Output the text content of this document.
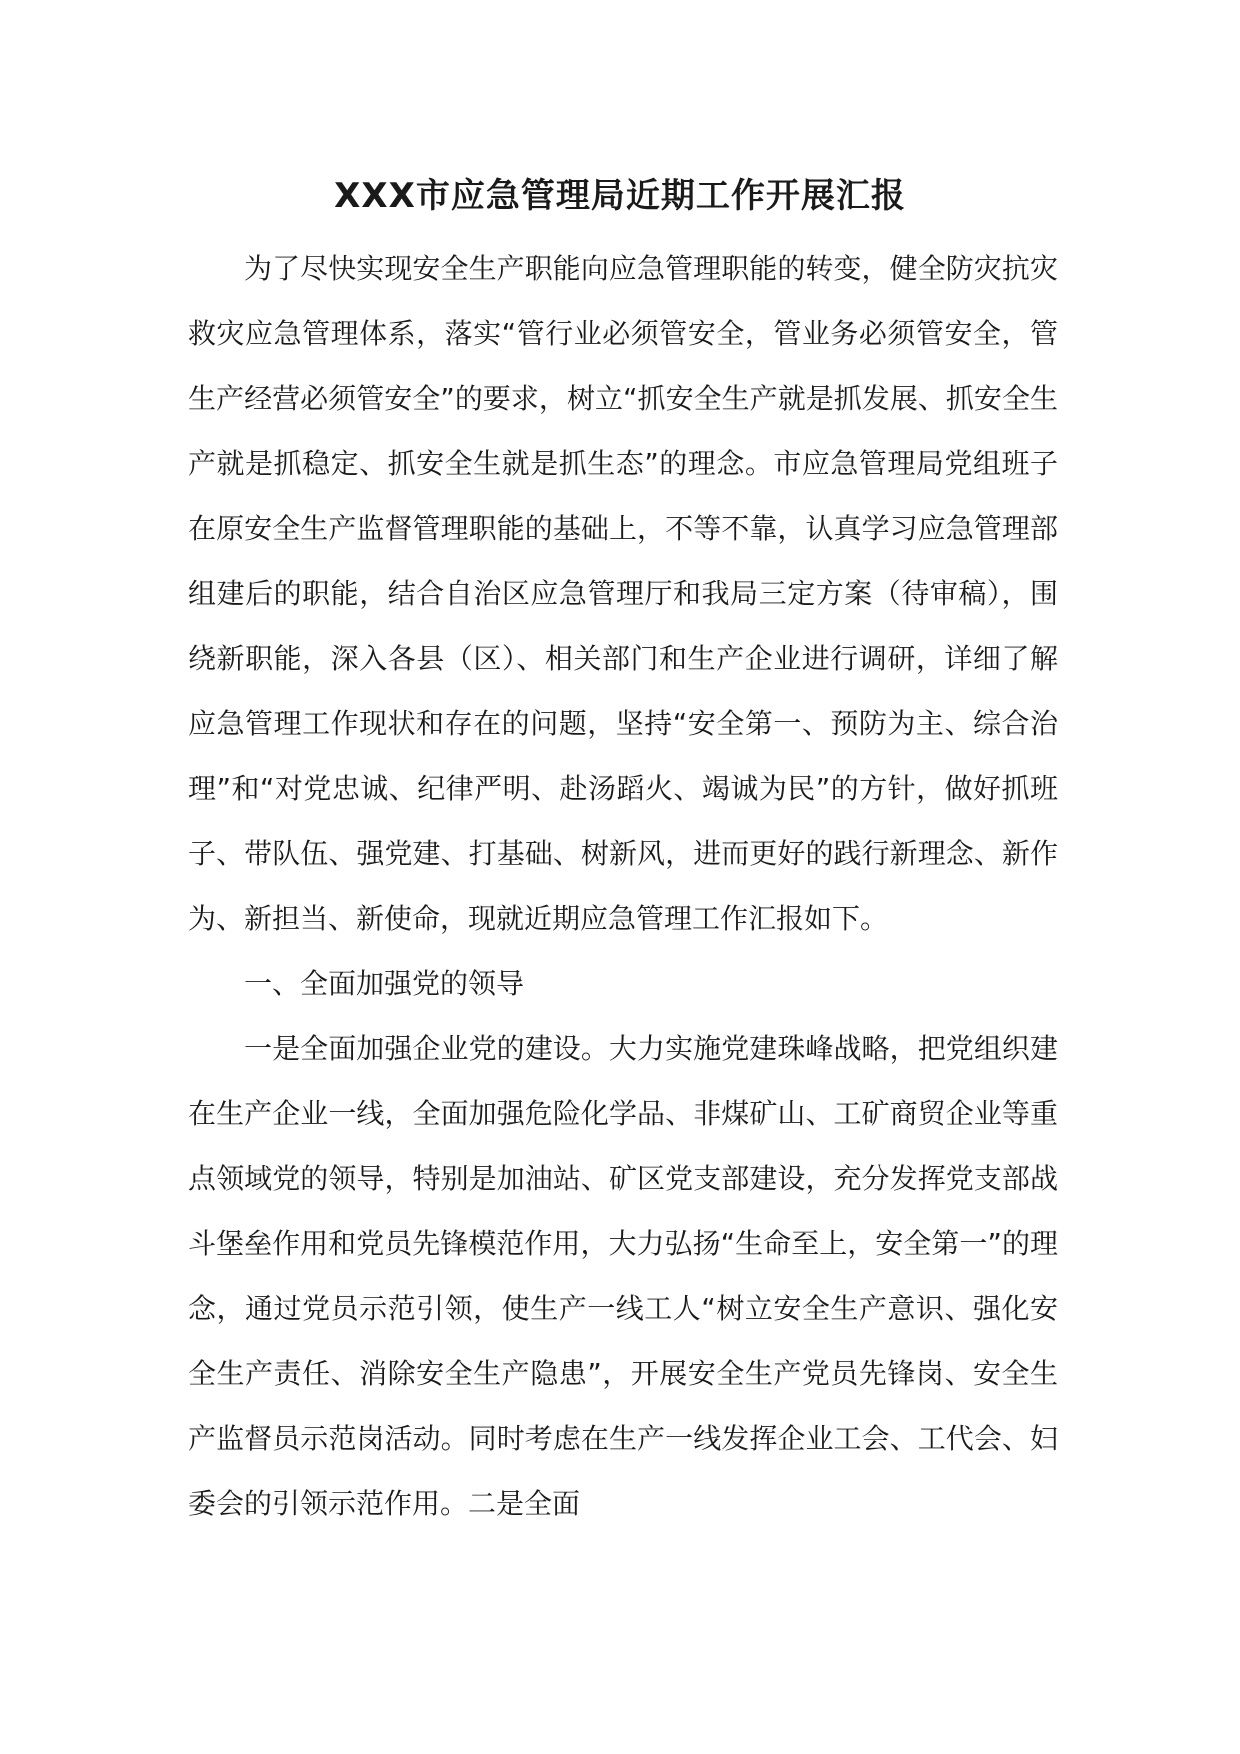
XXX市应急管理局近期工作开展汇报

为了尽快实现安全生产职能向应急管理职能的转变，健全防灾抗灾救灾应急管理体系，落实“管行业必须管安全，管业务必须管安全，管生产经营必须管安全”的要求，树立“抓安全生产就是抓发展、抓安全生产就是抓稳定、抓安全生就是抓生态”的理念。市应急管理局党组班子在原安全生产监督管理职能的基础上，不等不靠，认真学习应急管理部组建后的职能，结合自治区应急管理厅和我局三定方案（待审稿），围绕新职能，深入各县（区）、相关部门和生产企业进行调研，详细了解应急管理工作现状和存在的问题，坚持“安全第一、预防为主、综合治理”和“对党忠诚、纪律严明、赴汤蹈火、竭诚为民”的方针，做好抓班子、带队伍、强党建、打基础、树新风，进而更好的践行新理念、新作为、新担当、新使命，现就近期应急管理工作汇报如下。

一、全面加强党的领导

一是全面加强企业党的建设。大力实施党建珠峰战略，把党组织建在生产企业一线，全面加强危险化学品、非煤矿山、工矿商贸企业等重点领域党的领导，特别是加油站、矿区党支部建设，充分发挥党支部战斗堡垒作用和党员先锋模范作用，大力弘扬“生命至上，安全第一”的理念，通过党员示范引领，使生产一线工人“树立安全生产意识、强化安全生产责任、消除安全生产隐患”，开展安全生产党员先锋岗、安全生产监督员示范岗活动。同时考虑在生产一线发挥企业工会、工代会、妇委会的引领示范作用。二是全面
